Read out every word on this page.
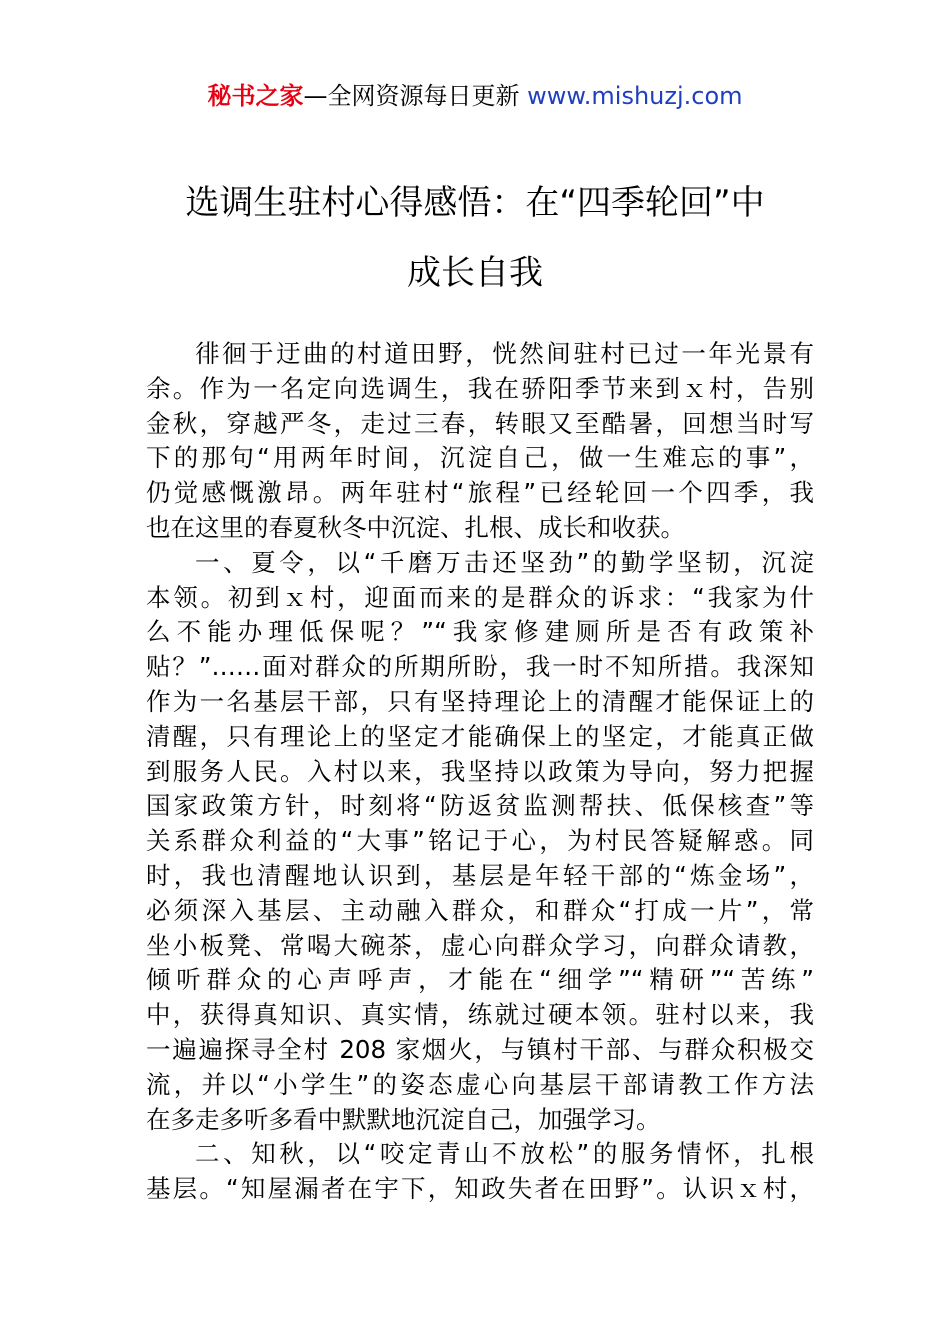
秘书之家—全网资源每日更新 www.mishuzj.com
选调生驻村心得感悟：在“四季轮回”中
成长自我
徘徊于迂曲的村道田野，恍然间驻村已过一年光景有
余。作为一名定向选调生，我在骄阳季节来到ｘ村，告别
金秋，穿越严冬，走过三春，转眼又至酷暑，回想当时写
下的那句“用两年时间，沉淀自己，做一生难忘的事”，
仍觉感慨激昂。两年驻村“旅程”已经轮回一个四季，我
也在这里的春夏秋冬中沉淀、扎根、成长和收获。
一、夏令，以“千磨万击还坚劲”的勤学坚韧，沉淀
本领。初到ｘ村，迎面而来的是群众的诉求：“我家为什
么不能办理低保呢？”“我家修建厕所是否有政策补
贴？”……面对群众的所期所盼，我一时不知所措。我深知
作为一名基层干部，只有坚持理论上的清醒才能保证上的
清醒，只有理论上的坚定才能确保上的坚定，才能真正做
到服务人民。入村以来，我坚持以政策为导向，努力把握
国家政策方针，时刻将“防返贫监测帮扶、低保核查”等
关系群众利益的“大事”铭记于心，为村民答疑解惑。同
时，我也清醒地认识到，基层是年轻干部的“炼金场”，
必须深入基层、主动融入群众，和群众“打成一片”，常
坐小板凳、常喝大碗茶，虚心向群众学习，向群众请教，
倾听群众的心声呼声，才能在“细学”“精研”“苦练”
中，获得真知识、真实情，练就过硬本领。驻村以来，我
一遍遍探寻全村 208 家烟火，与镇村干部、与群众积极交
流，并以“小学生”的姿态虚心向基层干部请教工作方法
在多走多听多看中默默地沉淀自己，加强学习。
二、知秋，以“咬定青山不放松”的服务情怀，扎根
基层。“知屋漏者在宇下，知政失者在田野”。认识ｘ村，
